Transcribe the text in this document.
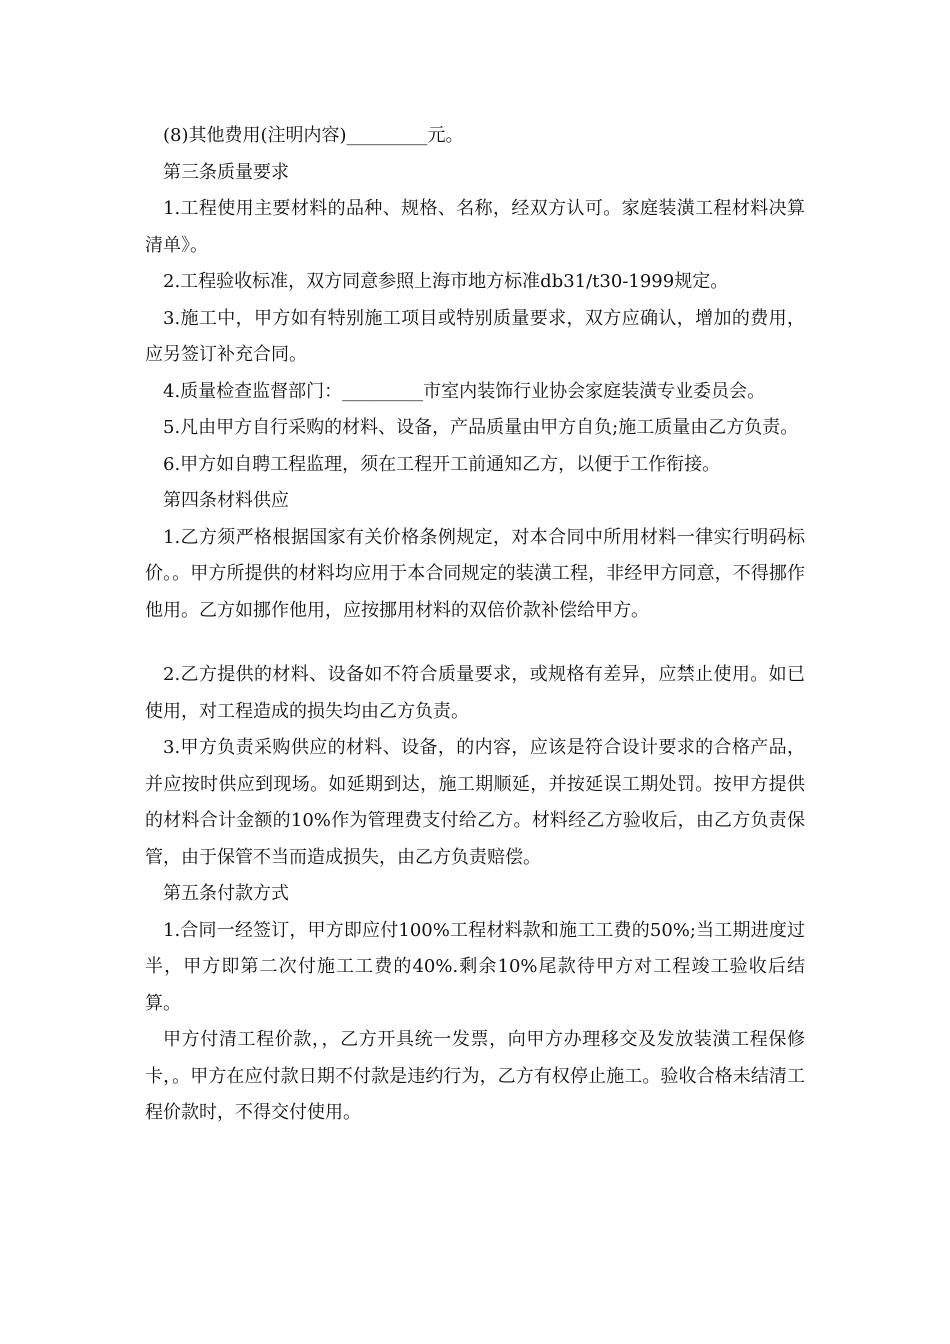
(8)其他费用(注明内容)_________元。

第三条质量要求

1.工程使用主要材料的品种、规格、名称，经双方认可。家庭装潢工程材料决算清单》。

2.工程验收标准，双方同意参照上海市地方标准db31/t30-1999规定。

3.施工中，甲方如有特别施工项目或特别质量要求，双方应确认，增加的费用，应另签订补充合同。

4.质量检查监督部门：_________市室内装饰行业协会家庭装潢专业委员会。

5.凡由甲方自行采购的材料、设备，产品质量由甲方自负;施工质量由乙方负责。

6.甲方如自聘工程监理，须在工程开工前通知乙方，以便于工作衔接。

第四条材料供应

1.乙方须严格根据国家有关价格条例规定，对本合同中所用材料一律实行明码标价。。甲方所提供的材料均应用于本合同规定的装潢工程，非经甲方同意，不得挪作他用。乙方如挪作他用，应按挪用材料的双倍价款补偿给甲方。

2.乙方提供的材料、设备如不符合质量要求，或规格有差异，应禁止使用。如已使用，对工程造成的损失均由乙方负责。

3.甲方负责采购供应的材料、设备，的内容，应该是符合设计要求的合格产品，并应按时供应到现场。如延期到达，施工期顺延，并按延误工期处罚。按甲方提供的材料合计金额的10%作为管理费支付给乙方。材料经乙方验收后，由乙方负责保管，由于保管不当而造成损失，由乙方负责赔偿。

第五条付款方式

1.合同一经签订，甲方即应付100%工程材料款和施工工费的50%;当工期进度过半，甲方即第二次付施工工费的40%.剩余10%尾款待甲方对工程竣工验收后结算。

甲方付清工程价款，，乙方开具统一发票，向甲方办理移交及发放装潢工程保修卡，。甲方在应付款日期不付款是违约行为，乙方有权停止施工。验收合格未结清工程价款时，不得交付使用。
